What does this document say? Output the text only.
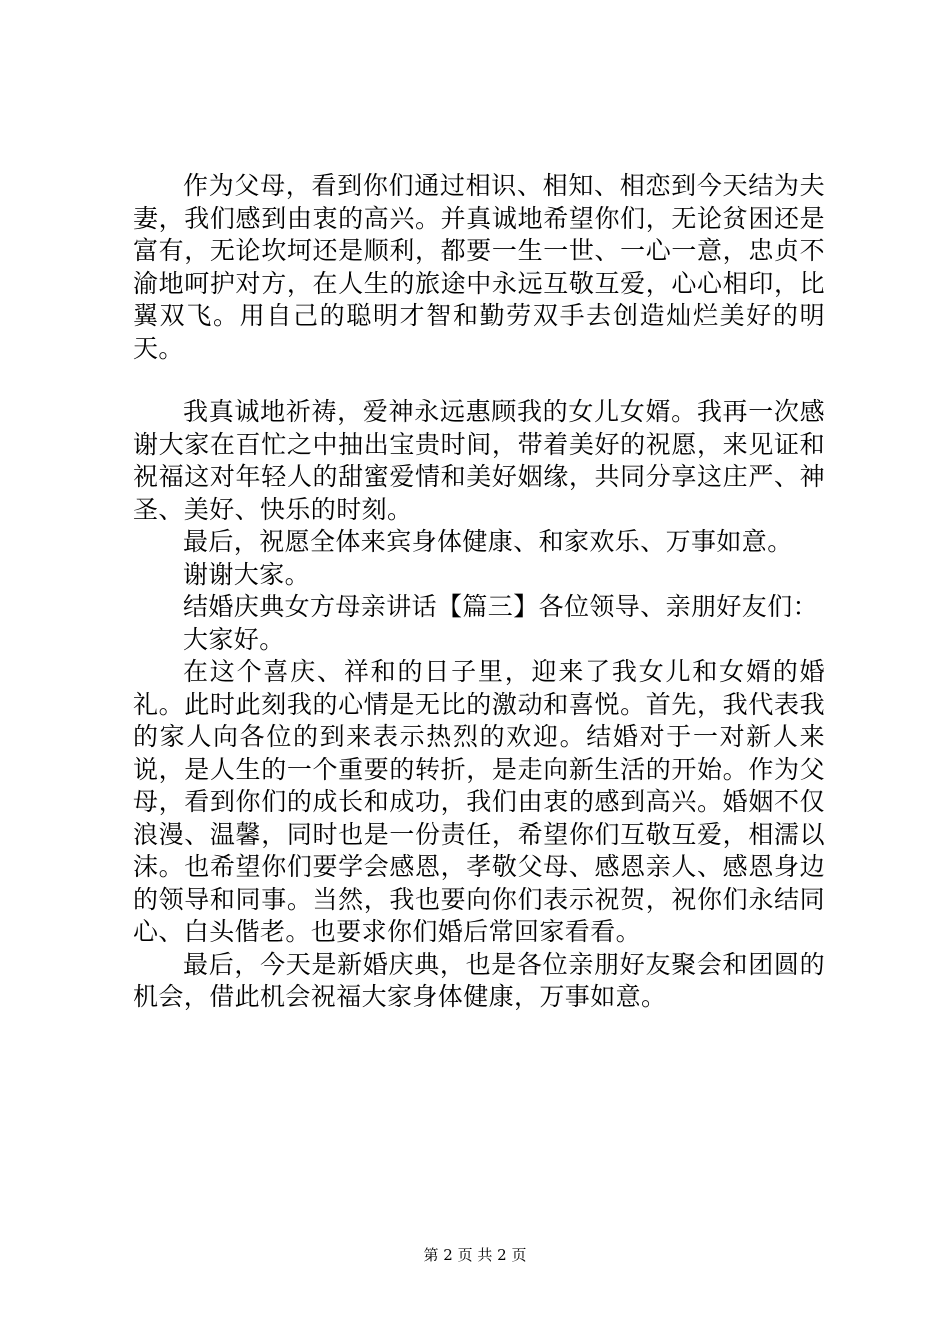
作为父母，看到你们通过相识、相知、相恋到今天结为夫妻，我们感到由衷的高兴。并真诚地希望你们，无论贫困还是富有，无论坎坷还是顺利，都要一生一世、一心一意，忠贞不渝地呵护对方，在人生的旅途中永远互敬互爱，心心相印，比翼双飞。用自己的聪明才智和勤劳双手去创造灿烂美好的明天。

我真诚地祈祷，爱神永远惠顾我的女儿女婿。我再一次感谢大家在百忙之中抽出宝贵时间，带着美好的祝愿，来见证和祝福这对年轻人的甜蜜爱情和美好姻缘，共同分享这庄严、神圣、美好、快乐的时刻。

最后，祝愿全体来宾身体健康、和家欢乐、万事如意。

谢谢大家。

结婚庆典女方母亲讲话【篇三】各位领导、亲朋好友们：

大家好。

在这个喜庆、祥和的日子里，迎来了我女儿和女婿的婚礼。此时此刻我的心情是无比的激动和喜悦。首先，我代表我的家人向各位的到来表示热烈的欢迎。结婚对于一对新人来说，是人生的一个重要的转折，是走向新生活的开始。作为父母，看到你们的成长和成功，我们由衷的感到高兴。婚姻不仅浪漫、温馨，同时也是一份责任，希望你们互敬互爱，相濡以沫。也希望你们要学会感恩，孝敬父母、感恩亲人、感恩身边的领导和同事。当然，我也要向你们表示祝贺，祝你们永结同心、白头偕老。也要求你们婚后常回家看看。

最后，今天是新婚庆典，也是各位亲朋好友聚会和团圆的机会，借此机会祝福大家身体健康，万事如意。

第 2 页 共 2 页
